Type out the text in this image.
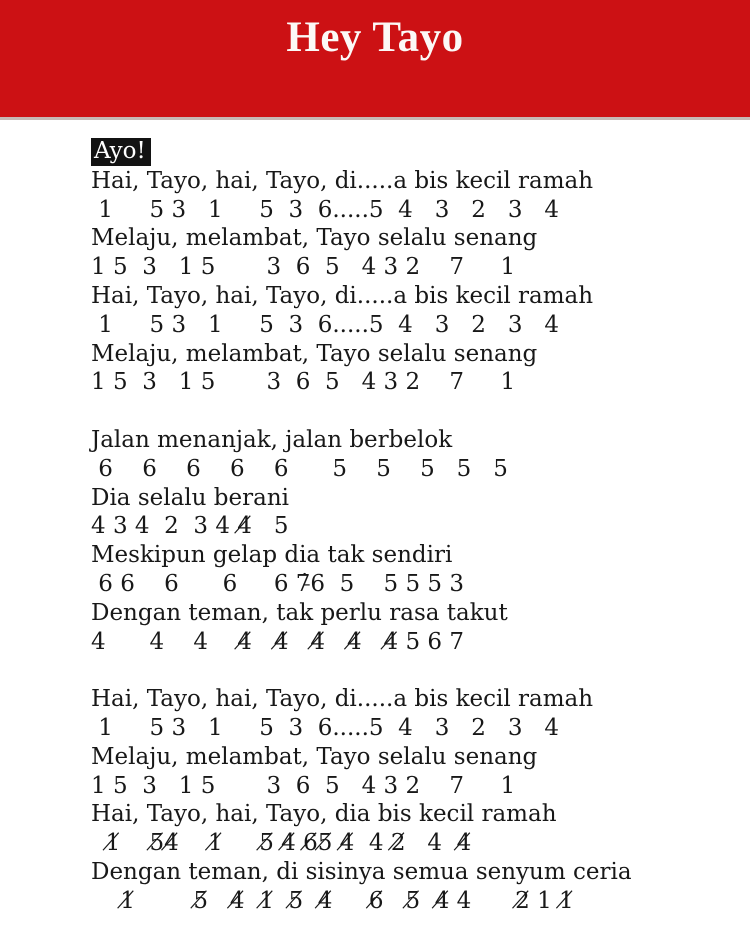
Hey Tayo
Ayo!
Hai, Tayo, hai, Tayo, di.....a bis kecil ramah
1     5 3   1     5  3  6.....5  4   3   2   3   4
Melaju, melambat, Tayo selalu senang
1 5  3   1 5       3  6  5   4 3 2    7     1
Hai, Tayo, hai, Tayo, di.....a bis kecil ramah
1     5 3   1     5  3  6.....5  4   3   2   3   4
Melaju, melambat, Tayo selalu senang
1 5  3   1 5       3  6  5   4 3 2    7     1

Jalan menanjak, jalan berbelok
6    6    6    6    6      5    5    5   5   5
Dia selalu berani
4 3 4  2  3 4 4̸   5
Meskipun gelap dia tak sendiri
6 6    6      6     6 7̵̇6  5    5 5 5 3
Dengan teman, tak perlu rasa takut
4      4    4    4̸   4̸   4̸   4̸   4̸ 5 6 7

Hai, Tayo, hai, Tayo, di.....a bis kecil ramah
1     5 3   1     5  3  6.....5  4   3   2   3   4
Melaju, melambat, Tayo selalu senang
1 5  3   1 5       3  6  5   4 3 2    7     1
Hai, Tayo, hai, Tayo, dia bis kecil ramah
1̸    5̸4̸    1̸     5̸ 4̸ 6̸5̸ 4̸  4 2̸   4  4̸
Dengan teman, di sisinya semua senyum ceria
1̸        5̸   4̸  1̸  5̸  4̸     6̸   5̸  4̸ 4      2̸ 1 1̸
